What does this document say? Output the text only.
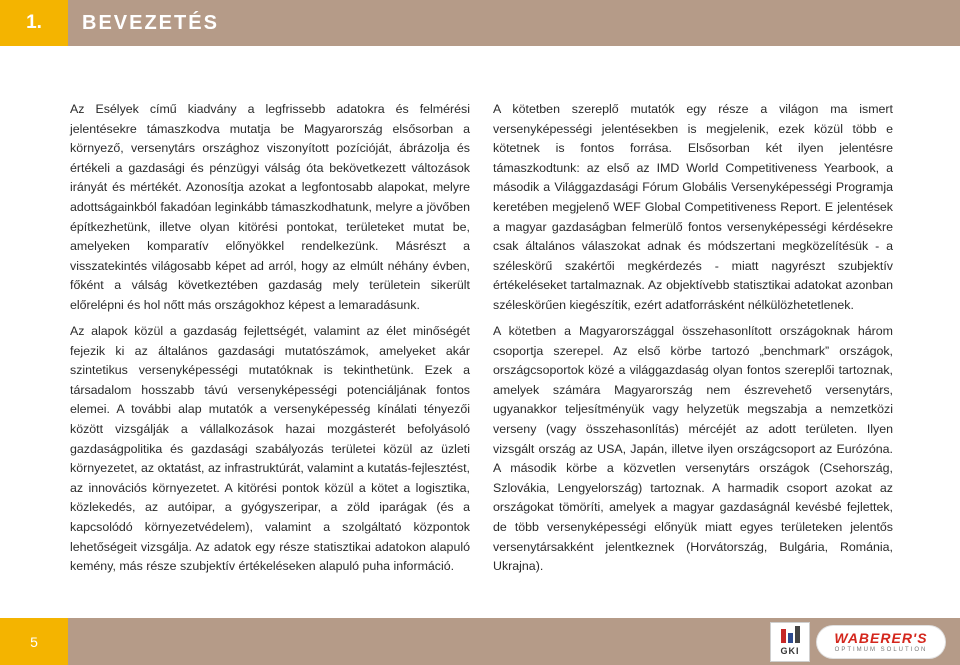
1.	BEVEZETÉS

Az Esélyek című kiadvány a legfrissebb adatokra és felmérési jelentésekre támaszkodva mutatja be Magyarország elsősorban a környező, versenytárs országhoz viszonyított pozícióját, ábrázolja és értékeli a gazdasági és pénzügyi válság óta bekövetkezett változások irányát és mértékét. Azonosítja azokat a legfontosabb alapokat, melyre adottságainkból fakadóan leginkább támaszkodhatunk, melyre a jövőben építkezhetünk, illetve olyan kitörési pontokat, területeket mutat be, amelyeken komparatív előnyökkel rendelkezünk. Másrészt a visszatekintés világosabb képet ad arról, hogy az elmúlt néhány évben, főként a válság következtében gazdaság mely területein sikerült előrelépni és hol nőtt más országokhoz képest a lemaradásunk.

Az alapok közül a gazdaság fejlettségét, valamint az élet minőségét fejezik ki az általános gazdasági mutatószámok, amelyeket akár szintetikus versenyképességi mutatóknak is tekinthetünk. Ezek a társadalom hosszabb távú versenyképességi potenciáljának fontos elemei. A további alap mutatók a versenyképesség kínálati tényezői között vizsgálják a vállalkozások hazai mozgásterét befolyásoló gazdaságpolitika és gazdasági szabályozás területei közül az üzleti környezetet, az oktatást, az infrastruktúrát, valamint a kutatás-fejlesztést, az innovációs környezetet. A kitörési pontok közül a kötet a logisztika, közlekedés, az autóipar, a gyógyszeripar, a zöld iparágak (és a kapcsolódó környezetvédelem), valamint a szolgáltató központok lehetőségeit vizsgálja. Az adatok egy része statisztikai adatokon alapuló kemény, más része szubjektív értékeléseken alapuló puha információ.

A kötetben szereplő mutatók egy része a világon ma ismert versenyképességi jelentésekben is megjelenik, ezek közül több e kötetnek is fontos forrása. Elsősorban két ilyen jelentésre támaszkodtunk: az első az IMD World Competitiveness Yearbook, a második a Világgazdasági Fórum Globális Versenyképességi Programja keretében megjelenő WEF Global Competitiveness Report. E jelentések a magyar gazdaságban felmerülő fontos versenyképességi kérdésekre csak általános válaszokat adnak és módszertani megközelítésük - a széleskörű szakértői megkérdezés - miatt nagyrészt szubjektív értékeléseket tartalmaznak. Az objektívebb statisztikai adatokat azonban széleskörűen kiegészítik, ezért adatforrásként nélkülözhetetlenek.

A kötetben a Magyarországgal összehasonlított országoknak három csoportja szerepel. Az első körbe tartozó „benchmark” országok, országcsoportok közé a világgazdaság olyan fontos szereplői tartoznak, amelyek számára Magyarország nem észrevehető versenytárs, ugyanakkor teljesítményük vagy helyzetük megszabja a nemzetközi verseny (vagy összehasonlítás) mércéjét az adott területen. Ilyen vizsgált ország az USA, Japán, illetve ilyen országcsoport az Eurózóna. A második körbe a közvetlen versenytárs országok (Csehország, Szlovákia, Lengyelország) tartoznak. A harmadik csoport azokat az országokat tömöríti, amelyek a magyar gazdaságnál kevésbé fejlettek, de több versenyképességi előnyük miatt egyes területeken jelentős versenytársakként jelentkeznek (Horvátország, Bulgária, Románia, Ukrajna).

5
GKI
WABERER'S
OPTIMUM SOLUTION
